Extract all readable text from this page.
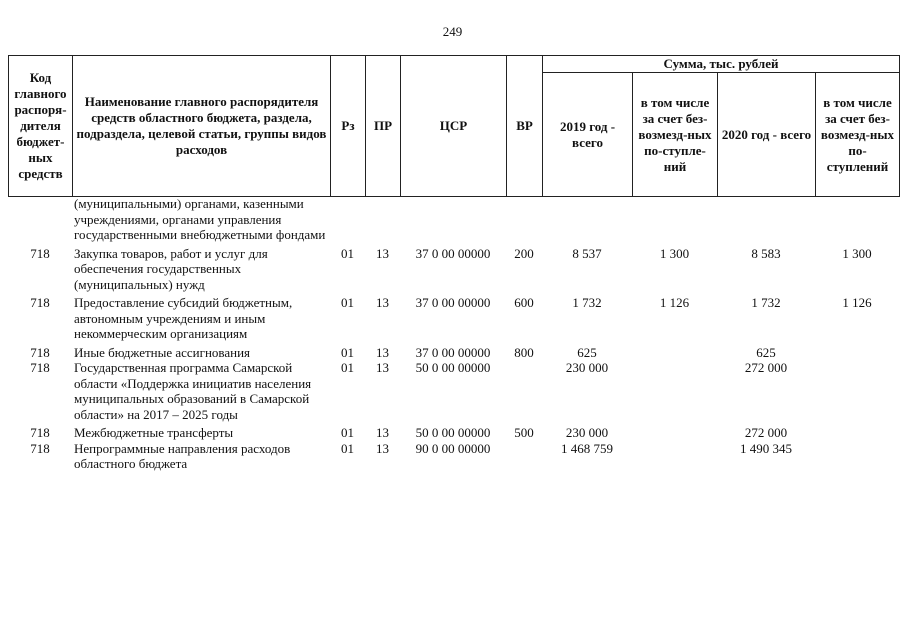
249
Код главного распоря-дителя бюджет-ных средств	Наименование главного распорядителя средств областного бюджета, раздела, подраздела, целевой статьи, группы видов расходов	Рз	ПР	ЦСР	ВР	Сумма, тыс. рублей			
						2019 год - всего	в том числе за счет без-возмезд-ных по-ступле-ний	2020 год - всего	в том числе за счет без-возмезд-ных по-ступлений
	(муниципальными) органами, казенными учреждениями, органами управления государственными внебюджетными фондами								
718	Закупка товаров, работ и услуг для обеспечения государственных (муниципальных) нужд	01	13	37 0 00 00000	200	8 537	1 300	8 583	1 300
718	Предоставление субсидий бюджетным, автономным учреждениям и иным некоммерческим организациям	01	13	37 0 00 00000	600	1 732	1 126	1 732	1 126
718	Иные бюджетные ассигнования	01	13	37 0 00 00000	800	625		625	
718	Государственная программа Самарской области «Поддержка инициатив населения муниципальных образований в Самарской области» на 2017 – 2025 годы	01	13	50 0 00 00000		230 000		272 000	
718	Межбюджетные трансферты	01	13	50 0 00 00000	500	230 000		272 000	
718	Непрограммные направления расходов областного бюджета	01	13	90 0 00 00000		1 468 759		1 490 345	
